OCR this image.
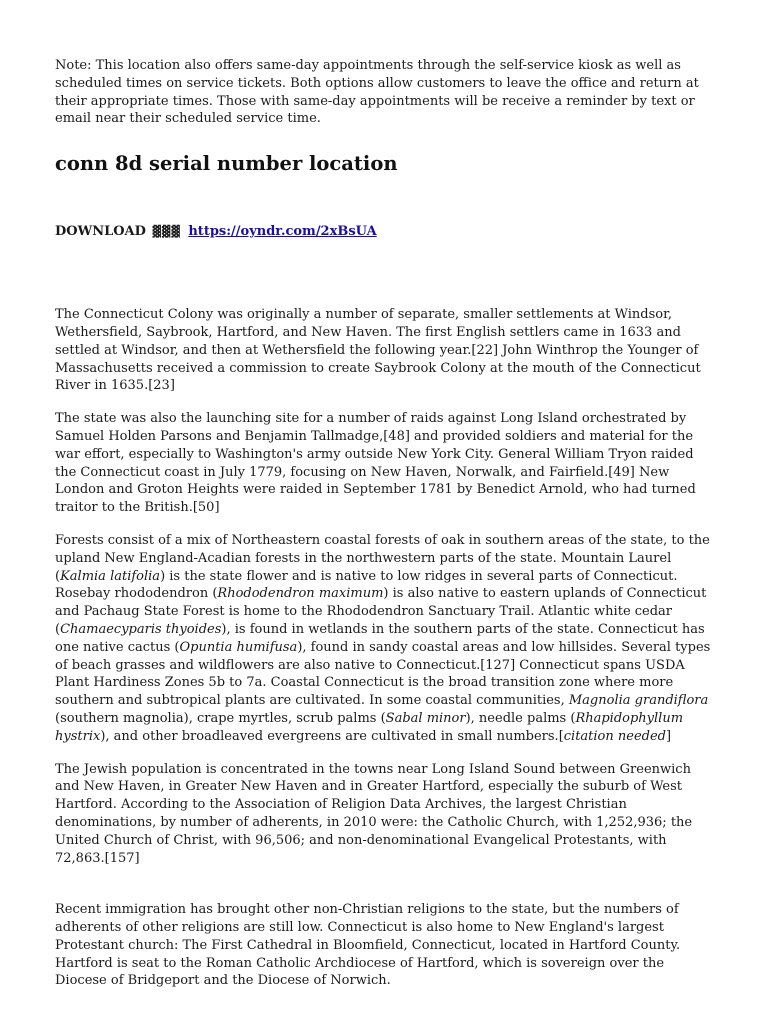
Note: This location also offers same-day appointments through the self-service kiosk as well as scheduled times on service tickets. Both options allow customers to leave the office and return at their appropriate times. Those with same-day appointments will be receive a reminder by text or email near their scheduled service time.

conn 8d serial number location
DOWNLOAD ▓▓▓ https://oyndr.com/2xBsUA

The Connecticut Colony was originally a number of separate, smaller settlements at Windsor, Wethersfield, Saybrook, Hartford, and New Haven. The first English settlers came in 1633 and settled at Windsor, and then at Wethersfield the following year.[22] John Winthrop the Younger of Massachusetts received a commission to create Saybrook Colony at the mouth of the Connecticut River in 1635.[23]

The state was also the launching site for a number of raids against Long Island orchestrated by Samuel Holden Parsons and Benjamin Tallmadge,[48] and provided soldiers and material for the war effort, especially to Washington's army outside New York City. General William Tryon raided the Connecticut coast in July 1779, focusing on New Haven, Norwalk, and Fairfield.[49] New London and Groton Heights were raided in September 1781 by Benedict Arnold, who had turned traitor to the British.[50]

Forests consist of a mix of Northeastern coastal forests of oak in southern areas of the state, to the upland New England-Acadian forests in the northwestern parts of the state. Mountain Laurel (Kalmia latifolia) is the state flower and is native to low ridges in several parts of Connecticut. Rosebay rhododendron (Rhododendron maximum) is also native to eastern uplands of Connecticut and Pachaug State Forest is home to the Rhododendron Sanctuary Trail. Atlantic white cedar (Chamaecyparis thyoides), is found in wetlands in the southern parts of the state. Connecticut has one native cactus (Opuntia humifusa), found in sandy coastal areas and low hillsides. Several types of beach grasses and wildflowers are also native to Connecticut.[127] Connecticut spans USDA Plant Hardiness Zones 5b to 7a. Coastal Connecticut is the broad transition zone where more southern and subtropical plants are cultivated. In some coastal communities, Magnolia grandiflora (southern magnolia), crape myrtles, scrub palms (Sabal minor), needle palms (Rhapidophyllum hystrix), and other broadleaved evergreens are cultivated in small numbers.[citation needed]

The Jewish population is concentrated in the towns near Long Island Sound between Greenwich and New Haven, in Greater New Haven and in Greater Hartford, especially the suburb of West Hartford. According to the Association of Religion Data Archives, the largest Christian denominations, by number of adherents, in 2010 were: the Catholic Church, with 1,252,936; the United Church of Christ, with 96,506; and non-denominational Evangelical Protestants, with 72,863.[157]

Recent immigration has brought other non-Christian religions to the state, but the numbers of adherents of other religions are still low. Connecticut is also home to New England's largest Protestant church: The First Cathedral in Bloomfield, Connecticut, located in Hartford County. Hartford is seat to the Roman Catholic Archdiocese of Hartford, which is sovereign over the Diocese of Bridgeport and the Diocese of Norwich.
